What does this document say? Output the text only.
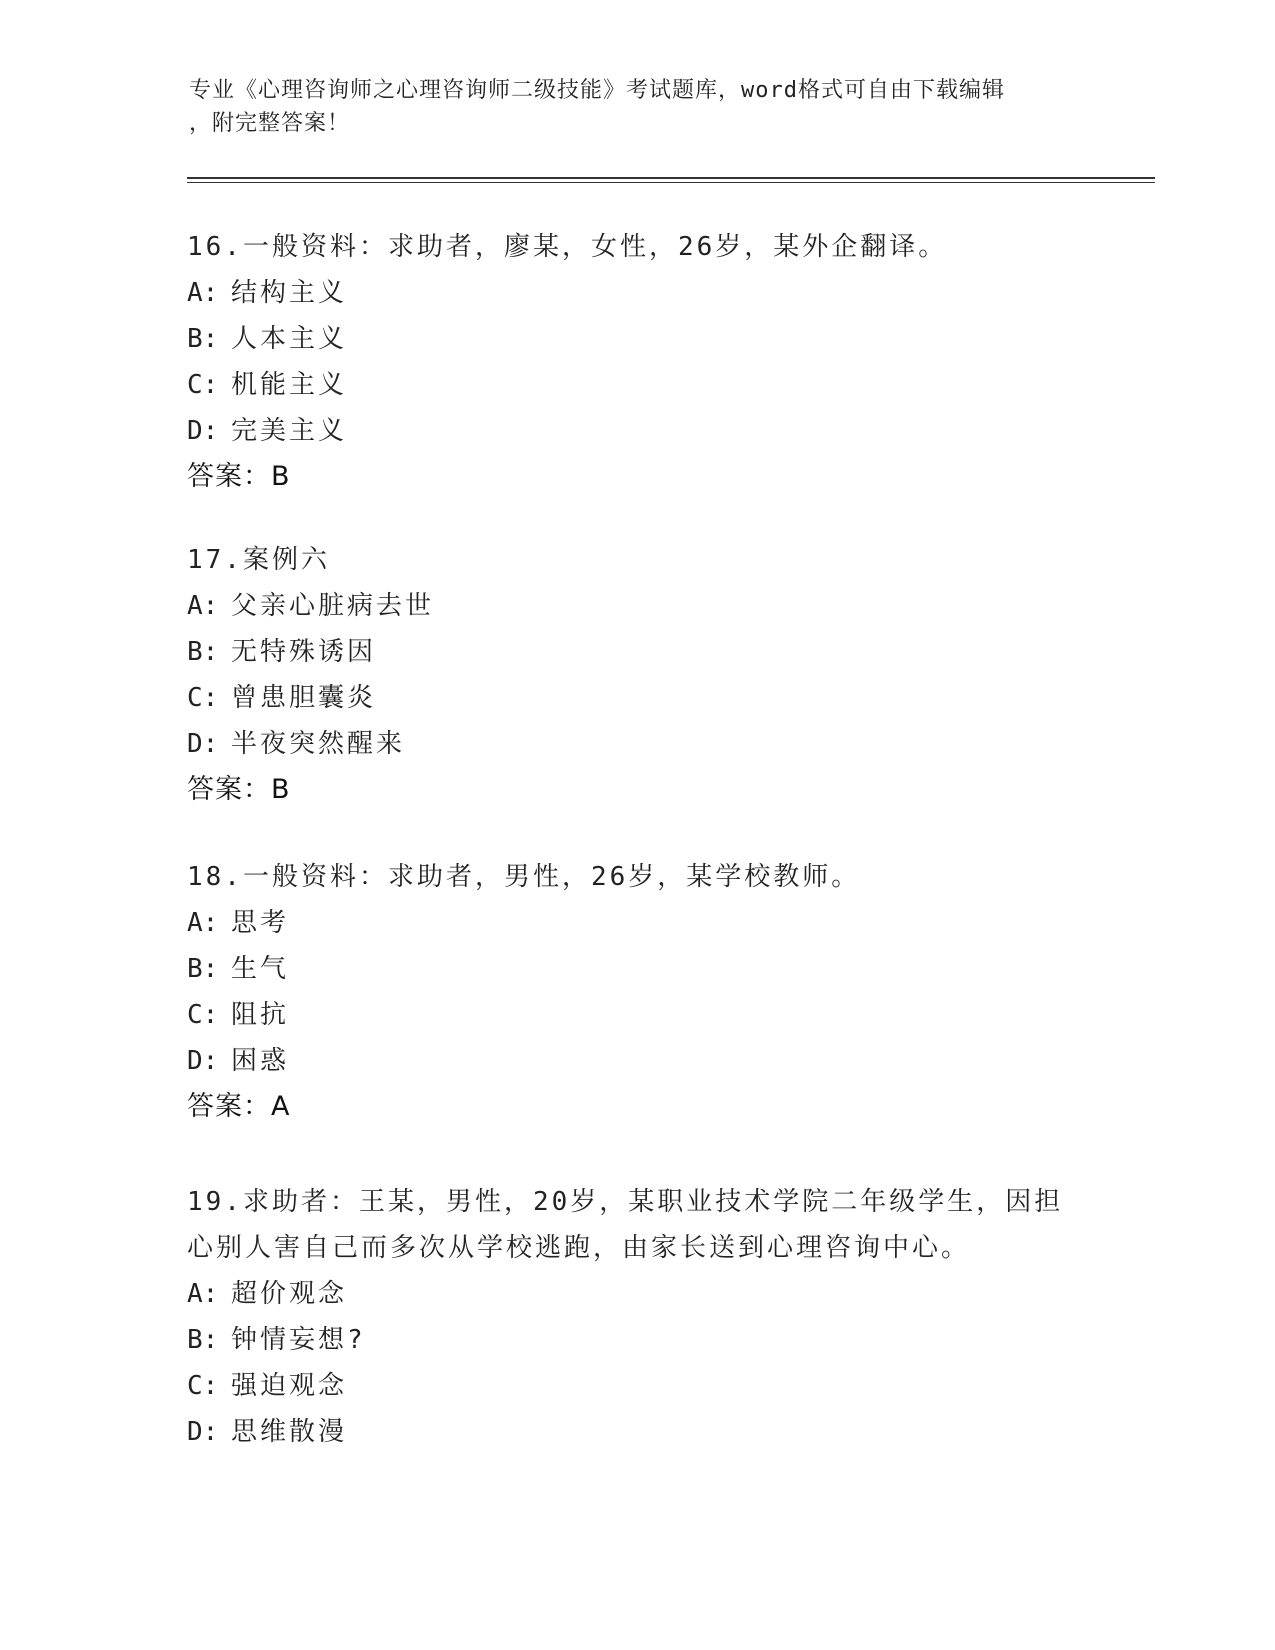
专业《心理咨询师之心理咨询师二级技能》考试题库，word格式可自由下载编辑
，附完整答案！
16.一般资料：求助者，廖某，女性，26岁，某外企翻译。
A: 结构主义
B: 人本主义
C: 机能主义
D: 完美主义
答案：B
17.案例六
A: 父亲心脏病去世
B: 无特殊诱因
C: 曾患胆囊炎
D: 半夜突然醒来
答案：B
18.一般资料：求助者，男性，26岁，某学校教师。
A: 思考
B: 生气
C: 阻抗
D: 困惑
答案：A
19.求助者：王某，男性，20岁，某职业技术学院二年级学生，因担心别人害自己而多次从学校逃跑，由家长送到心理咨询中心。
A: 超价观念
B: 钟情妄想?
C: 强迫观念
D: 思维散漫
